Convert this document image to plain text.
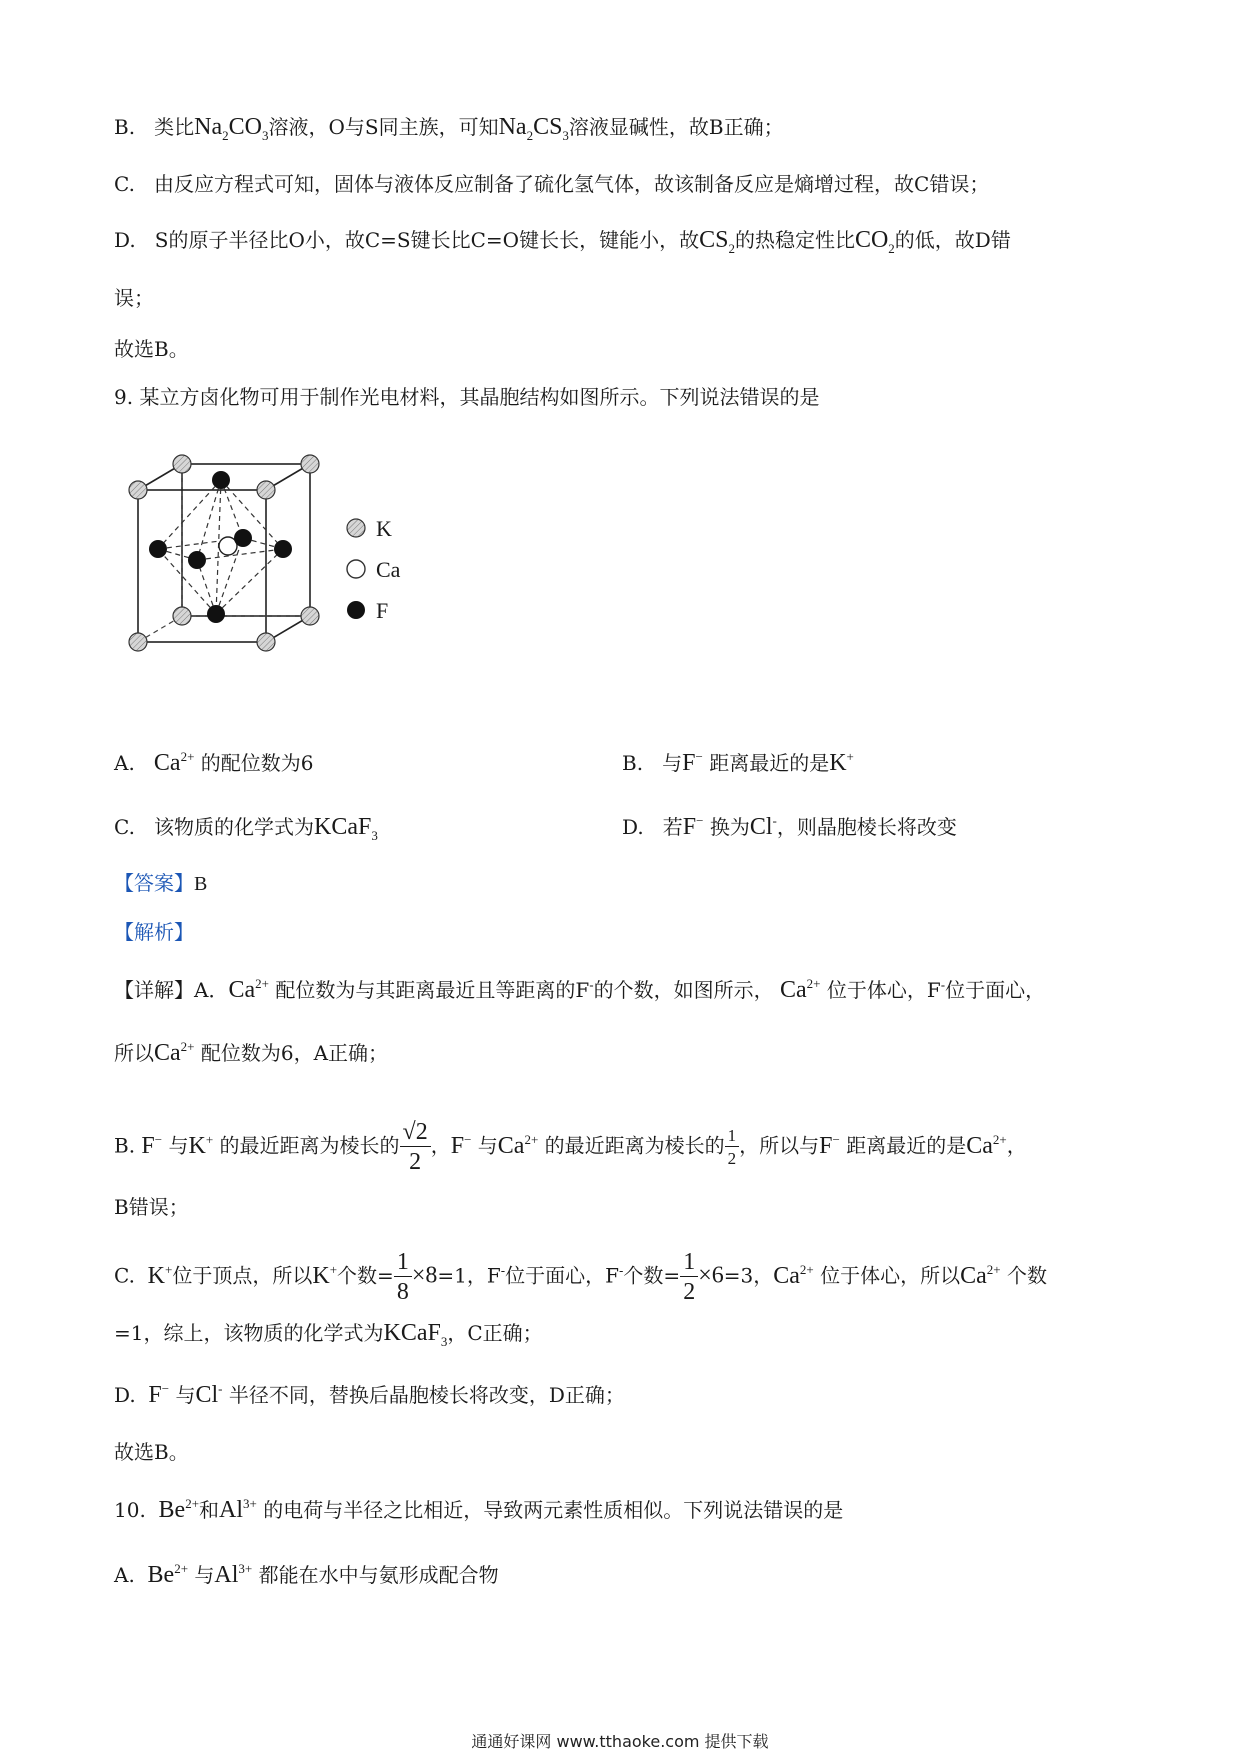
B. 类比$Na_2CO_3$溶液，O与S同主族，可知$Na_2CS_3$溶液显碱性，故B正确；
C. 由反应方程式可知，固体与液体反应制备了硫化氢气体，故该制备反应是熵增过程，故C错误；
D. S的原子半径比O小，故C=S键长比C=O键长长，键能小，故$CS_2$的热稳定性比$CO_2$的低，故D错
误；
故选B。
9. 某立方卤化物可用于制作光电材料，其晶胞结构如图所示。下列说法错误的是
K
Ca
F
A. $Ca^{2+}$ 的配位数为6	B. 与F− 距离最近的是K+
C. 该物质的化学式为KCaF$_3$	D. 若F− 换为Cl-，则晶胞棱长将改变
【答案】B
【解析】
【详解】A．$Ca^{2+}$ 配位数为与其距离最近且等距离的F-的个数，如图所示， $Ca^{2+}$ 位于体心，F-位于面心，
所以$Ca^{2+}$ 配位数为6，A正确；
B. F− 与K+ 的最近距离为棱长的 $\frac{√2}{2}$ ，F− 与$Ca^{2+}$ 的最近距离为棱长的 $\frac{1}{2}$ ，所以与F− 距离最近的是$Ca^{2+}$，
B错误；
C. K+位于顶点，所以K+个数= $\frac{1}{8} \times 8=1$，F-位于面心，F-个数= $\frac{1}{2} \times 6=3$，$Ca^{2+}$ 位于体心，所以$Ca^{2+}$ 个数
=1，综上，该物质的化学式为KCaF$_3$，C正确；
D. F− 与Cl- 半径不同，替换后晶胞棱长将改变，D正确；
故选B。
10. $Be^{2+}$和$Al^{3+}$ 的电荷与半径之比相近，导致两元素性质相似。下列说法错误的是
A. $Be^{2+}$ 与$Al^{3+}$ 都能在水中与氨形成配合物
通通好课网 www.tthaoke.com 提供下载
